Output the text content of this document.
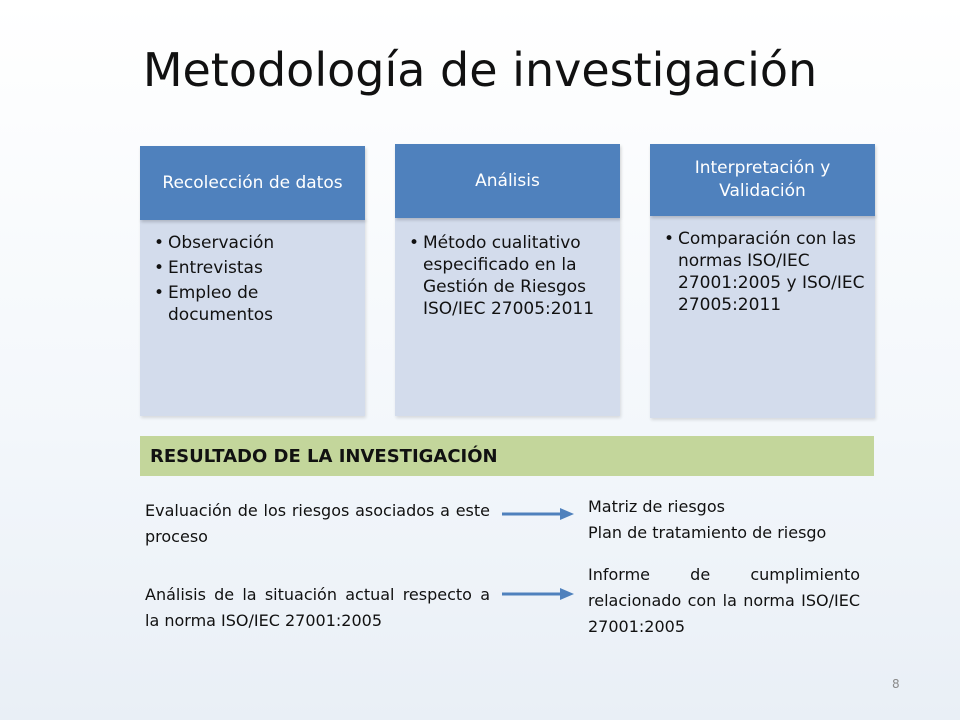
Metodología de investigación
• Observación
• Entrevistas
• Empleo de documentos
Recolección de datos
• Método cualitativo especificado en la Gestión de Riesgos ISO/IEC 27005:2011
Análisis
• Comparación con las normas ISO/IEC 27001:2005 y ISO/IEC 27005:2011
Interpretación y Validación
RESULTADO DE LA INVESTIGACIÓN
Evaluación de los riesgos asociados a este proceso
Matriz de riesgos
Plan de tratamiento de riesgo
Análisis de la situación actual respecto a la norma ISO/IEC 27001:2005
Informe de cumplimiento relacionado con la norma ISO/IEC 27001:2005
8
